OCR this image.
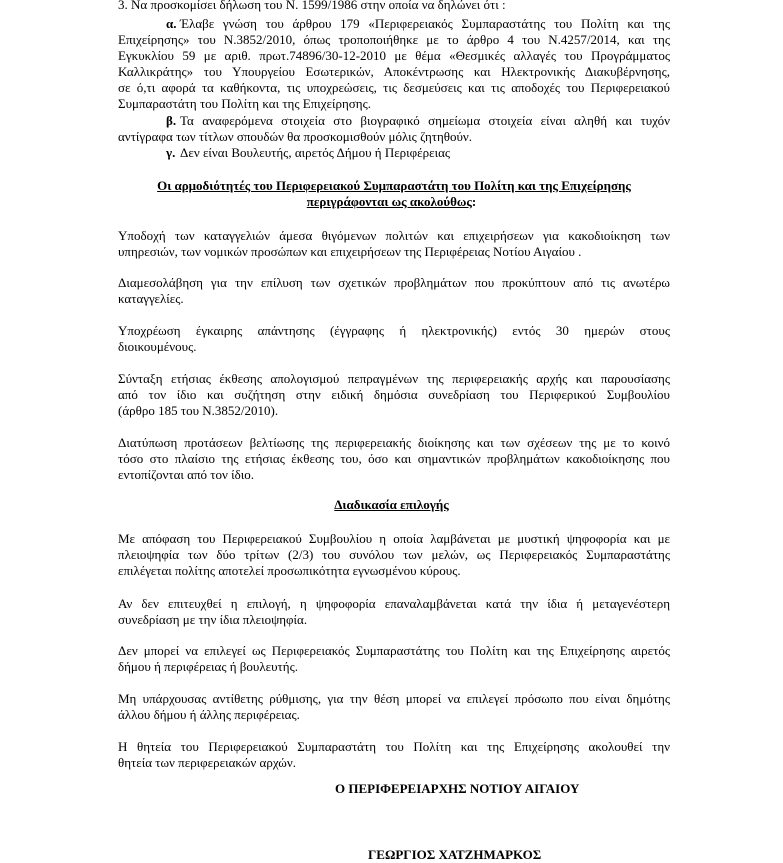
3. Να προσκομίσει δήλωση του Ν. 1599/1986 στην οποία να δηλώνει ότι :
α. Έλαβε γνώση του άρθρου 179 «Περιφερειακός Συμπαραστάτης του Πολίτη και της
Επιχείρησης» του Ν.3852/2010, όπως τροποποιήθηκε με το άρθρο 4 του Ν.4257/2014, και της
Εγκυκλίου 59 με αριθ. πρωτ.74896/30-12-2010 με θέμα «Θεσμικές αλλαγές του Προγράμματος
Καλλικράτης» του Υπουργείου Εσωτερικών, Αποκέντρωσης και Ηλεκτρονικής Διακυβέρνησης,
σε ό,τι αφορά τα καθήκοντα, τις υποχρεώσεις, τις δεσμεύσεις και τις αποδοχές του Περιφερειακού
Συμπαραστάτη του Πολίτη και της Επιχείρησης.
β. Τα αναφερόμενα στοιχεία στο βιογραφικό σημείωμα στοιχεία είναι αληθή και τυχόν
αντίγραφα των τίτλων σπουδών θα προσκομισθούν μόλις ζητηθούν.
γ. Δεν είναι Βουλευτής, αιρετός Δήμου ή Περιφέρειας
Οι αρμοδιότητές του Περιφερειακού Συμπαραστάτη του Πολίτη και της Επιχείρησης
περιγράφονται ως ακολούθως:
Υποδοχή των καταγγελιών άμεσα θιγόμενων πολιτών και επιχειρήσεων για κακοδιοίκηση των
υπηρεσιών, των νομικών προσώπων και επιχειρήσεων της Περιφέρειας Νοτίου Αιγαίου .
Διαμεσολάβηση για την επίλυση των σχετικών προβλημάτων που προκύπτουν από τις ανωτέρω
καταγγελίες.
Υποχρέωση έγκαιρης απάντησης (έγγραφης ή ηλεκτρονικής) εντός 30 ημερών στους
διοικουμένους.
Σύνταξη ετήσιας έκθεσης απολογισμού πεπραγμένων της περιφερειακής αρχής και παρουσίασης
από τον ίδιο και συζήτηση στην ειδική δημόσια συνεδρίαση του Περιφερικού Συμβουλίου
(άρθρο 185 του Ν.3852/2010).
Διατύπωση προτάσεων βελτίωσης της περιφερειακής διοίκησης και των σχέσεων της με το κοινό
τόσο στο πλαίσιο της ετήσιας έκθεσης του, όσο και σημαντικών προβλημάτων κακοδιοίκησης που
εντοπίζονται από τον ίδιο.
Διαδικασία επιλογής
Με απόφαση του Περιφερειακού Συμβουλίου η οποία λαμβάνεται με μυστική ψηφοφορία και με
πλειοψηφία των δύο τρίτων (2/3) του συνόλου των μελών, ως Περιφερειακός Συμπαραστάτης
επιλέγεται πολίτης αποτελεί προσωπικότητα εγνωσμένου κύρους.
Αν δεν επιτευχθεί η επιλογή, η ψηφοφορία επαναλαμβάνεται κατά την ίδια ή μεταγενέστερη
συνεδρίαση με την ίδια πλειοψηφία.
Δεν μπορεί να επιλεγεί ως Περιφερειακός Συμπαραστάτης του Πολίτη και της Επιχείρησης αιρετός
δήμου ή περιφέρειας ή βουλευτής.
Μη υπάρχουσας αντίθετης ρύθμισης, για την θέση μπορεί να επιλεγεί πρόσωπο που είναι δημότης
άλλου δήμου ή άλλης περιφέρειας.
Η θητεία του Περιφερειακού Συμπαραστάτη του Πολίτη και της Επιχείρησης ακολουθεί την
θητεία των περιφερειακών αρχών.
Ο ΠΕΡΙΦΕΡΕΙΑΡΧΗΣ ΝΟΤΙΟΥ ΑΙΓΑΙΟΥ
ΓΕΩΡΓΙΟΣ ΧΑΤΖΗΜΑΡΚΟΣ
